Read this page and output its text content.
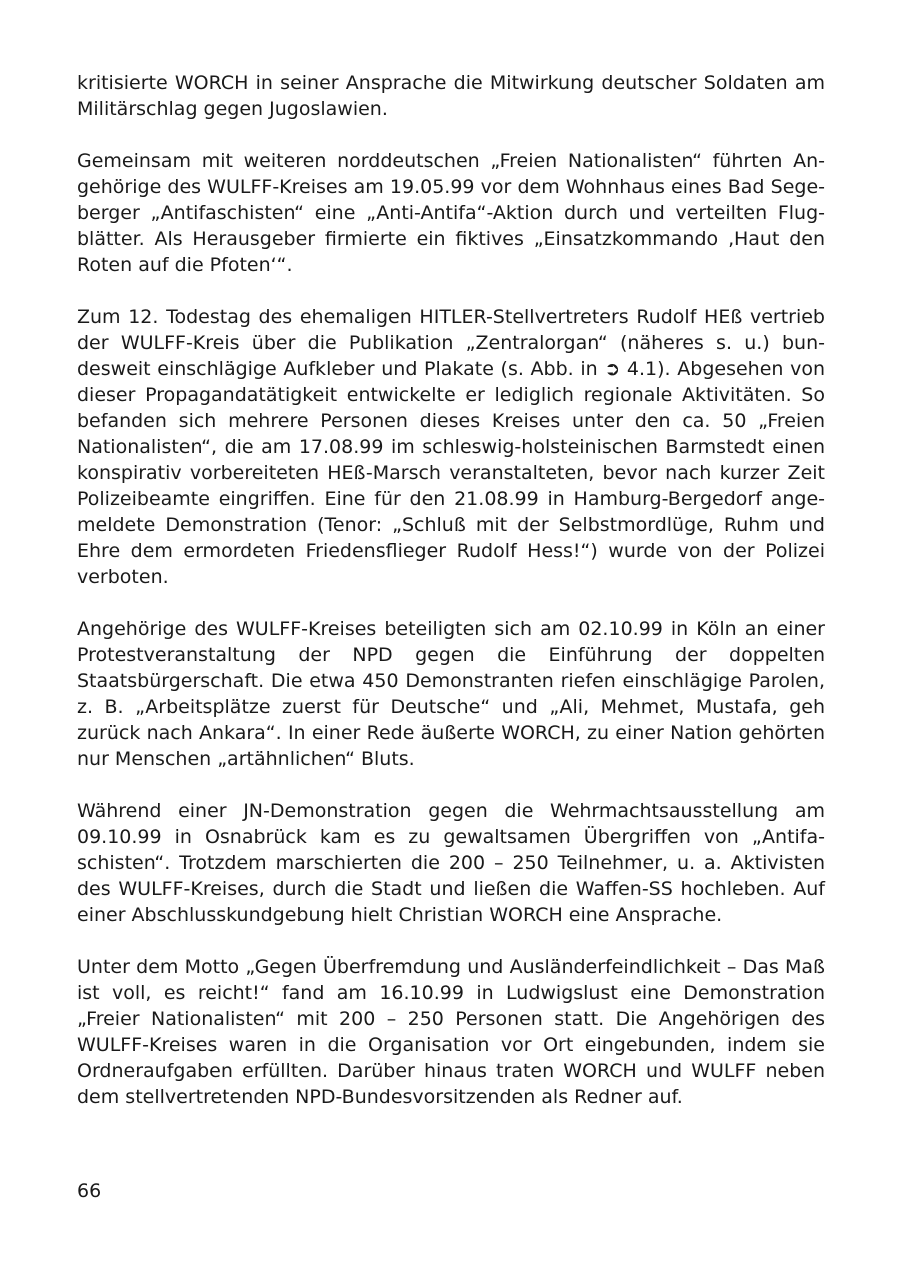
kritisierte WORCH in seiner Ansprache die Mitwirkung deutscher Soldaten am Militärschlag gegen Jugoslawien.

Gemeinsam mit weiteren norddeutschen „Freien Nationalisten“ führten Angehörige des WULFF-Kreises am 19.05.99 vor dem Wohnhaus eines Bad Segeberger „Antifaschisten“ eine „Anti-Antifa“-Aktion durch und verteilten Flugblätter. Als Herausgeber firmierte ein fiktives „Einsatzkommando ‚Haut den Roten auf die Pfoten‘“.

Zum 12. Todestag des ehemaligen HITLER-Stellvertreters Rudolf HEß vertrieb der WULFF-Kreis über die Publikation „Zentralorgan“ (näheres s. u.) bundesweit einschlägige Aufkleber und Plakate (s. Abb. in ➲ 4.1). Abgesehen von dieser Propagandatätigkeit entwickelte er lediglich regionale Aktivitäten. So befanden sich mehrere Personen dieses Kreises unter den ca. 50 „Freien Nationalisten“, die am 17.08.99 im schleswig-holsteinischen Barmstedt einen konspirativ vorbereiteten HEß-Marsch veranstalteten, bevor nach kurzer Zeit Polizeibeamte eingriffen. Eine für den 21.08.99 in Hamburg-Bergedorf angemeldete Demonstration (Tenor: „Schluß mit der Selbstmordlüge, Ruhm und Ehre dem ermordeten Friedensflieger Rudolf Hess!“) wurde von der Polizei verboten.

Angehörige des WULFF-Kreises beteiligten sich am 02.10.99 in Köln an einer Protestveranstaltung der NPD gegen die Einführung der doppelten Staatsbürgerschaft. Die etwa 450 Demonstranten riefen einschlägige Parolen, z. B. „Arbeitsplätze zuerst für Deutsche“ und „Ali, Mehmet, Mustafa, geh zurück nach Ankara“. In einer Rede äußerte WORCH, zu einer Nation gehörten nur Menschen „artähnlichen“ Bluts.

Während einer JN-Demonstration gegen die Wehrmachtsausstellung am 09.10.99 in Osnabrück kam es zu gewaltsamen Übergriffen von „Antifaschisten“. Trotzdem marschierten die 200 – 250 Teilnehmer, u. a. Aktivisten des WULFF-Kreises, durch die Stadt und ließen die Waffen-SS hochleben. Auf einer Abschlusskundgebung hielt Christian WORCH eine Ansprache.

Unter dem Motto „Gegen Überfremdung und Ausländerfeindlichkeit – Das Maß ist voll, es reicht!“ fand am 16.10.99 in Ludwigslust eine Demonstration „Freier Nationalisten“ mit 200 – 250 Personen statt. Die Angehörigen des WULFF-Kreises waren in die Organisation vor Ort eingebunden, indem sie Ordneraufgaben erfüllten. Darüber hinaus traten WORCH und WULFF neben dem stellvertretenden NPD-Bundesvorsitzenden als Redner auf.

66
